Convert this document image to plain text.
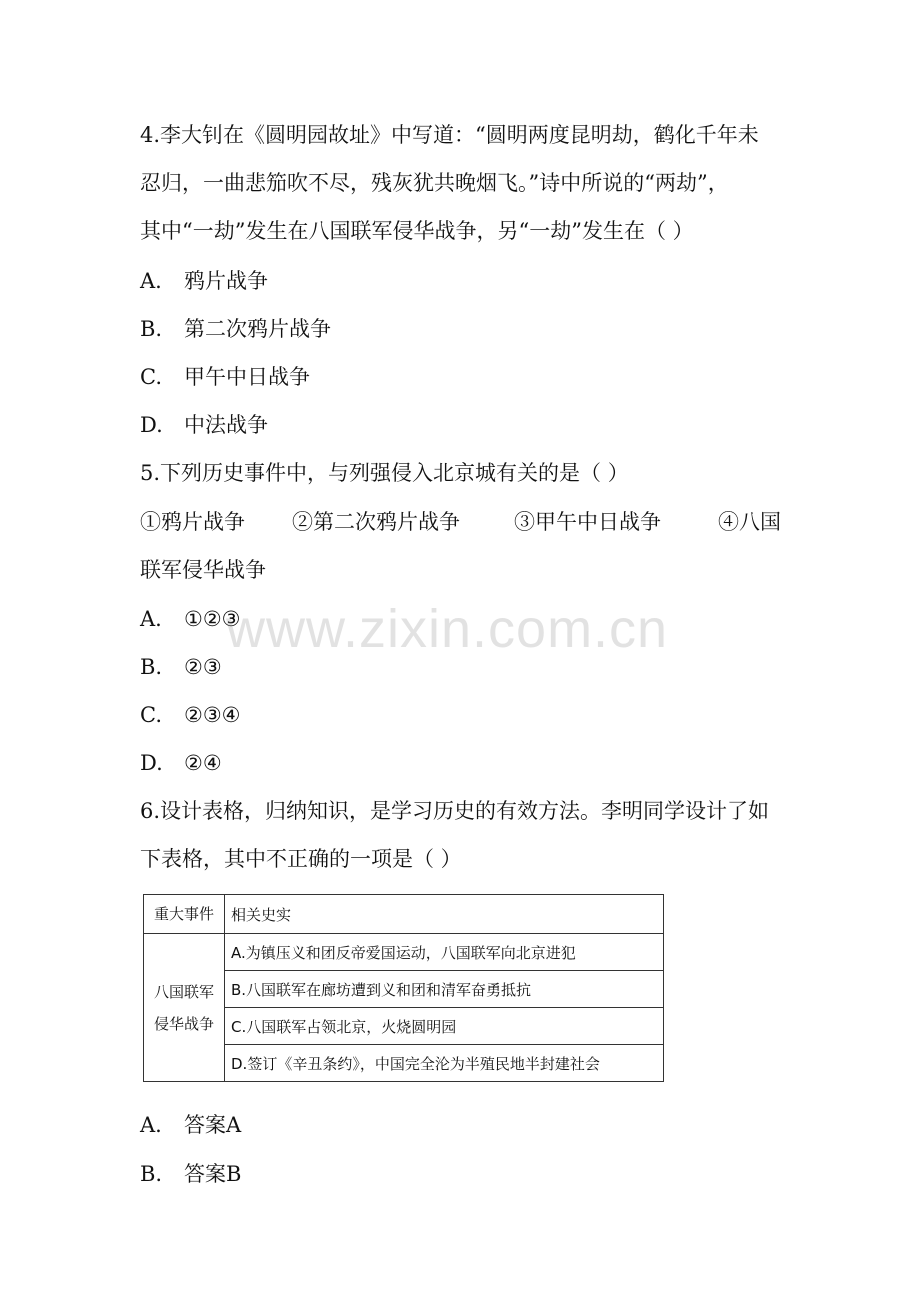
4.李大钊在《圆明园故址》中写道：“圆明两度昆明劫，鹤化千年未
忍归，一曲悲笳吹不尽，残灰犹共晚烟飞。”诗中所说的“两劫”，
其中“一劫”发生在八国联军侵华战争，另“一劫”发生在（ ）
A. 鸦片战争
B. 第二次鸦片战争
C. 甲午中日战争
D. 中法战争
5.下列历史事件中，与列强侵入北京城有关的是（ ）
①鸦片战争 ②第二次鸦片战争	③甲午中日战争	④八国
联军侵华战争
A. ①②③
B. ②③
C. ②③④
D. ②④
www.zixin.com.cn
6.设计表格，归纳知识，是学习历史的有效方法。李明同学设计了如
下表格，其中不正确的一项是（ ）
重大事件	相关史实

八国联军
侵华战争	A.为镇压义和团反帝爱国运动，八国联军向北京进犯
	B.八国联军在廊坊遭到义和团和清军奋勇抵抗
	C.八国联军占领北京，火烧圆明园
	D.签订《辛丑条约》，中国完全沦为半殖民地半封建社会
A. 答案A
B. 答案B
